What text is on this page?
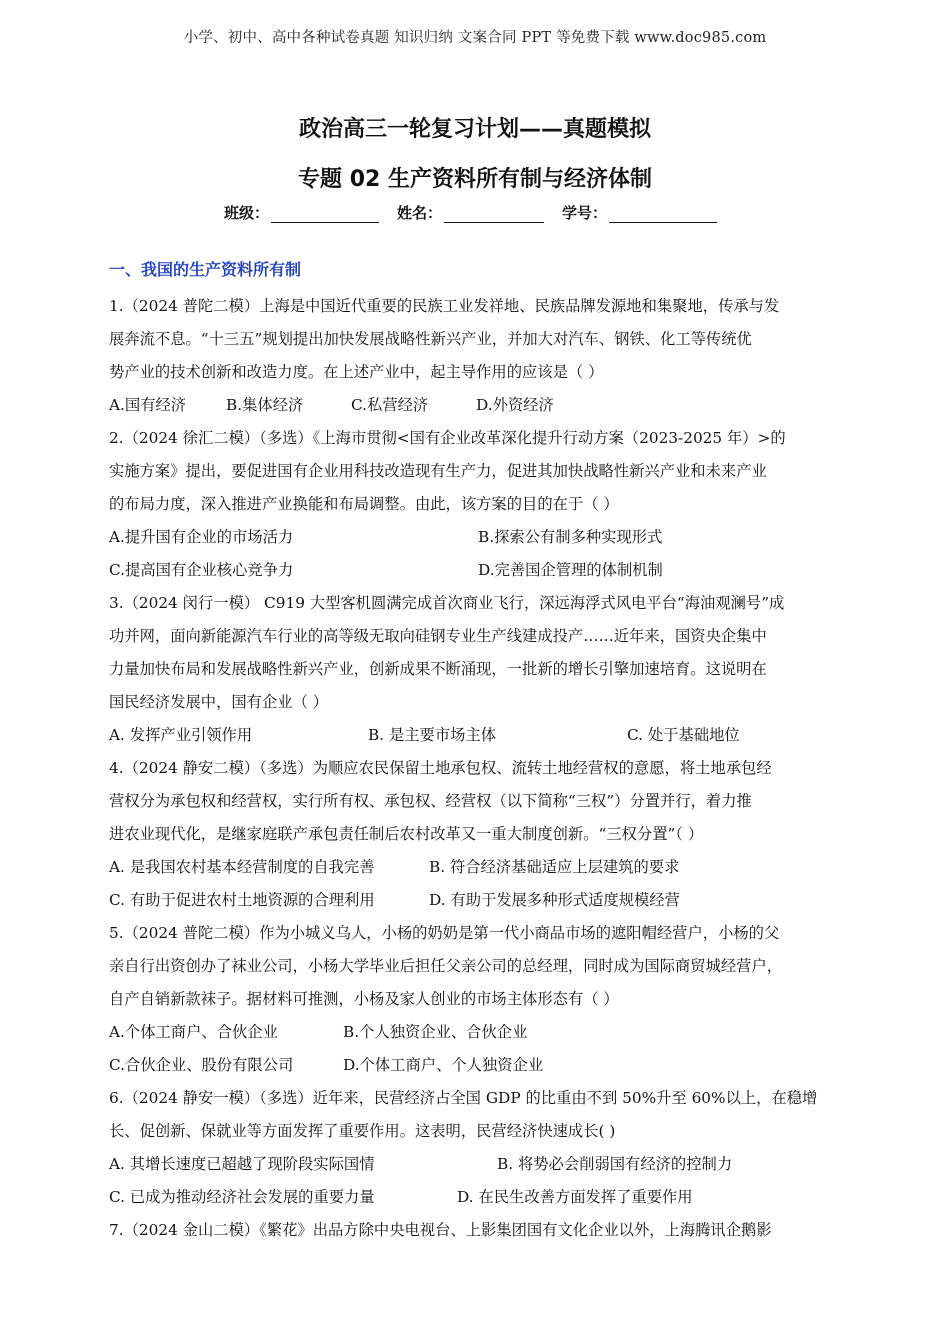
小学、初中、高中各种试卷真题 知识归纳 文案合同 PPT 等免费下载 www.doc985.com
政治高三一轮复习计划——真题模拟
专题 02 生产资料所有制与经济体制
班级：	姓名：	学号：
一、我国的生产资料所有制

1.（2024 普陀二模）上海是中国近代重要的民族工业发祥地、民族品牌发源地和集聚地，传承与发

展奔流不息。“十三五”规划提出加快发展战略性新兴产业，并加大对汽车、钢铁、化工等传统优

势产业的技术创新和改造力度。在上述产业中，起主导作用的应该是（ ）

A.国有经济	B.集体经济	C.私营经济	D.外资经济

2.（2024 徐汇二模）（多选）《上海市贯彻<国有企业改革深化提升行动方案（2023-2025 年）>的

实施方案》提出，要促进国有企业用科技改造现有生产力，促进其加快战略性新兴产业和未来产业

的布局力度，深入推进产业换能和布局调整。由此，该方案的目的在于（ ）

A.提升国有企业的市场活力	B.探索公有制多种实现形式
C.提高国有企业核心竞争力	D.完善国企管理的体制机制

3.（2024 闵行一模） C919 大型客机圆满完成首次商业飞行，深远海浮式风电平台“海油观澜号”成

功并网，面向新能源汽车行业的高等级无取向硅钢专业生产线建成投产……近年来，国资央企集中

力量加快布局和发展战略性新兴产业，创新成果不断涌现，一批新的增长引擎加速培育。这说明在

国民经济发展中，国有企业（ ）

A. 发挥产业引领作用	B. 是主要市场主体	C. 处于基础地位

4.（2024 静安二模）（多选）为顺应农民保留土地承包权、流转土地经营权的意愿，将土地承包经

营权分为承包权和经营权，实行所有权、承包权、经营权（以下简称“三权”）分置并行，着力推

进农业现代化，是继家庭联产承包责任制后农村改革又一重大制度创新。“三权分置”（ ）

A. 是我国农村基本经营制度的自我完善	B. 符合经济基础适应上层建筑的要求
C. 有助于促进农村土地资源的合理利用	D. 有助于发展多种形式适度规模经营

5.（2024 普陀二模）作为小城义乌人，小杨的奶奶是第一代小商品市场的遮阳帽经营户，小杨的父

亲自行出资创办了袜业公司，小杨大学毕业后担任父亲公司的总经理，同时成为国际商贸城经营户，

自产自销新款袜子。据材料可推测，小杨及家人创业的市场主体形态有（ ）

A.个体工商户、合伙企业	B.个人独资企业、合伙企业
C.合伙企业、股份有限公司	D.个体工商户、个人独资企业

6.（2024 静安一模）（多选）近年来，民营经济占全国 GDP 的比重由不到 50%升至 60%以上，在稳增

长、促创新、保就业等方面发挥了重要作用。这表明，民营经济快速成长( )

A. 其增长速度已超越了现阶段实际国情	B. 将势必会削弱国有经济的控制力
C. 已成为推动经济社会发展的重要力量	D. 在民生改善方面发挥了重要作用

7.（2024 金山二模）《繁花》出品方除中央电视台、上影集团国有文化企业以外，上海腾讯企鹅影
